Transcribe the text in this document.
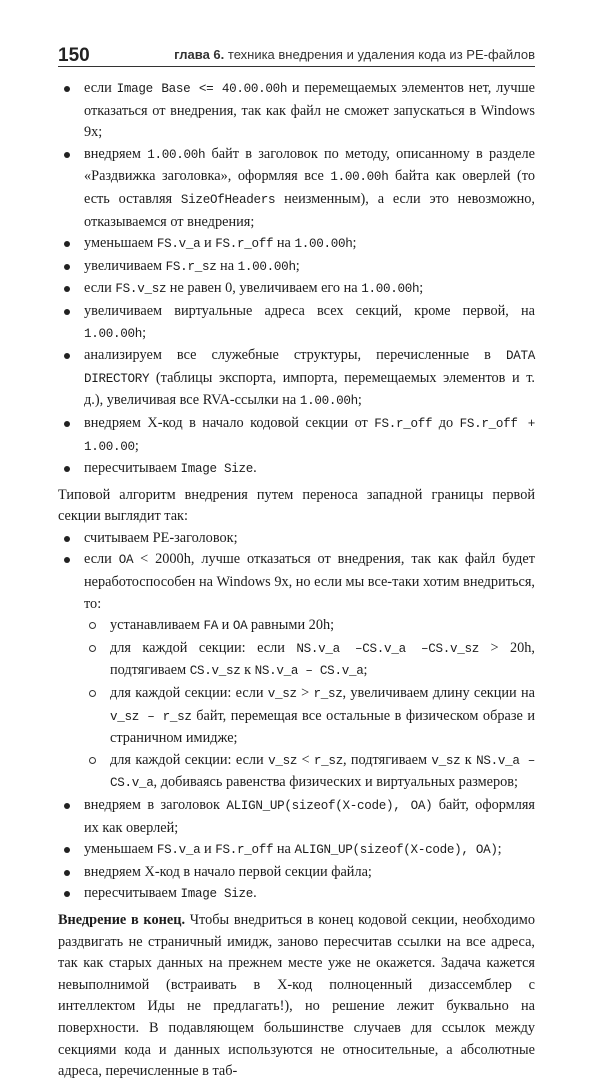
150	глава 6. техника внедрения и удаления кода из PE-файлов
если Image Base <= 40.00.00h и перемещаемых элементов нет, лучше отказаться от внедрения, так как файл не сможет запускаться в Windows 9x;
внедряем 1.00.00h байт в заголовок по методу, описанному в разделе «Раздвижка заголовка», оформляя все 1.00.00h байта как оверлей (то есть оставляя SizeOfHeaders неизменным), а если это невозможно, отказываемся от внедрения;
уменьшаем FS.v_a и FS.r_off на 1.00.00h;
увеличиваем FS.r_sz на 1.00.00h;
если FS.v_sz не равен 0, увеличиваем его на 1.00.00h;
увеличиваем виртуальные адреса всех секций, кроме первой, на 1.00.00h;
анализируем все служебные структуры, перечисленные в DATA DIRECTORY (таблицы экспорта, импорта, перемещаемых элементов и т. д.), увеличивая все RVA-ссылки на 1.00.00h;
внедряем X-код в начало кодовой секции от FS.r_off до FS.r_off + 1.00.00;
пересчитываем Image Size.

Типовой алгоритм внедрения путем переноса западной границы первой секции выглядит так:

считываем PE-заголовок;
если OA < 2000h, лучше отказаться от внедрения, так как файл будет неработоспособен на Windows 9x, но если мы все-таки хотим внедриться, то:
устанавливаем FA и OA равными 20h;
для каждой секции: если NS.v_a –CS.v_a –CS.v_sz > 20h, подтягиваем CS.v_sz к NS.v_a – CS.v_a;
для каждой секции: если v_sz > r_sz, увеличиваем длину секции на v_sz – r_sz байт, перемещая все остальные в физическом образе и страничном имидже;
для каждой секции: если v_sz < r_sz, подтягиваем v_sz к NS.v_a – CS.v_a, добиваясь равенства физических и виртуальных размеров;
внедряем в заголовок ALIGN_UP(sizeof(X-code), OA) байт, оформляя их как оверлей;
уменьшаем FS.v_a и FS.r_off на ALIGN_UP(sizeof(X-code), OA);
внедряем X-код в начало первой секции файла;
пересчитываем Image Size.

Внедрение в конец. Чтобы внедриться в конец кодовой секции, необходимо раздвигать не страничный имидж, заново пересчитав ссылки на все адреса, так как старых данных на прежнем месте уже не окажется. Задача кажется невыполнимой (встраивать в X-код полноценный дизассемблер с интеллектом Иды не предлагать!), но решение лежит буквально на поверхности. В подавляющем большинстве случаев для ссылок между секциями кода и данных используются не относительные, а абсолютные адреса, перечисленные в таб-
